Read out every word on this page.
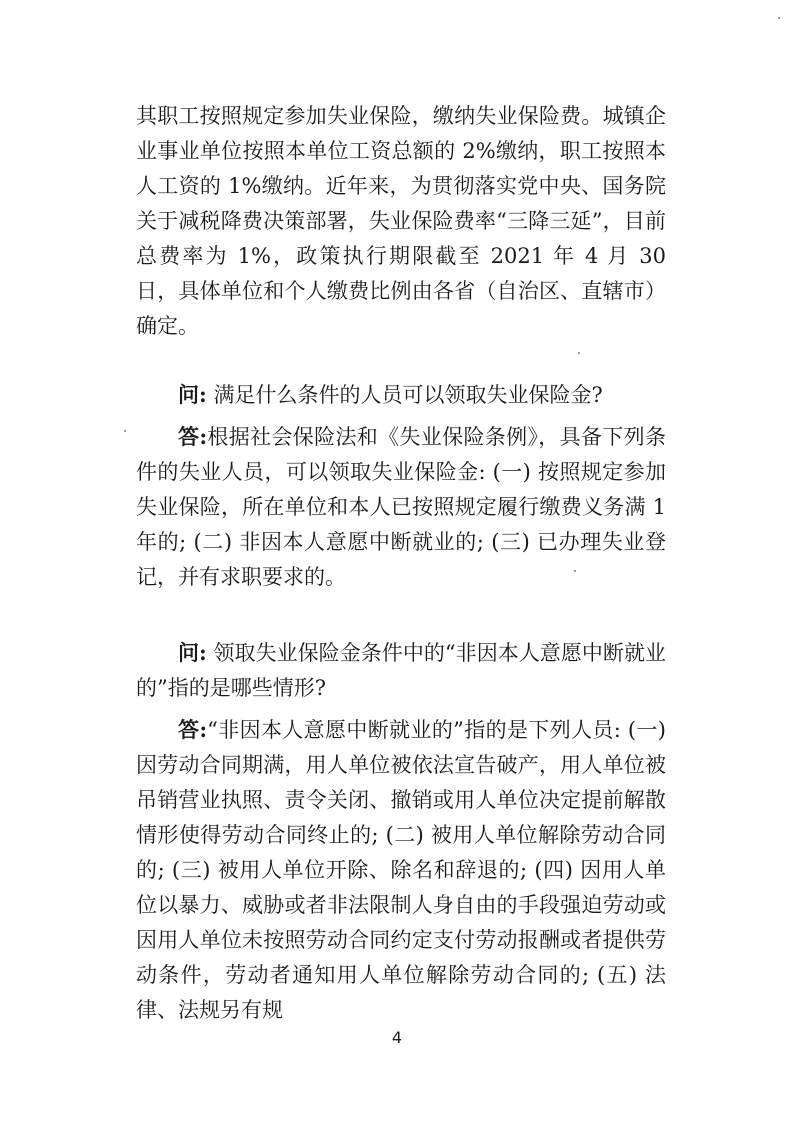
其职工按照规定参加失业保险，缴纳失业保险费。城镇企业事业单位按照本单位工资总额的 2%缴纳，职工按照本人工资的 1%缴纳。近年来，为贯彻落实党中央、国务院关于减税降费决策部署，失业保险费率“三降三延”，目前总费率为 1%，政策执行期限截至 2021 年 4 月 30 日，具体单位和个人缴费比例由各省（自治区、直辖市）确定。

问: 满足什么条件的人员可以领取失业保险金?

答:根据社会保险法和《失业保险条例》，具备下列条件的失业人员，可以领取失业保险金: (一) 按照规定参加失业保险，所在单位和本人已按照规定履行缴费义务满 1 年的; (二) 非因本人意愿中断就业的; (三) 已办理失业登记，并有求职要求的。

问: 领取失业保险金条件中的“非因本人意愿中断就业的”指的是哪些情形?

答:“非因本人意愿中断就业的”指的是下列人员: (一) 因劳动合同期满，用人单位被依法宣告破产，用人单位被吊销营业执照、责令关闭、撤销或用人单位决定提前解散情形使得劳动合同终止的; (二) 被用人单位解除劳动合同的; (三) 被用人单位开除、除名和辞退的; (四) 因用人单位以暴力、威胁或者非法限制人身自由的手段强迫劳动或因用人单位未按照劳动合同约定支付劳动报酬或者提供劳动条件，劳动者通知用人单位解除劳动合同的; (五) 法律、法规另有规

4
